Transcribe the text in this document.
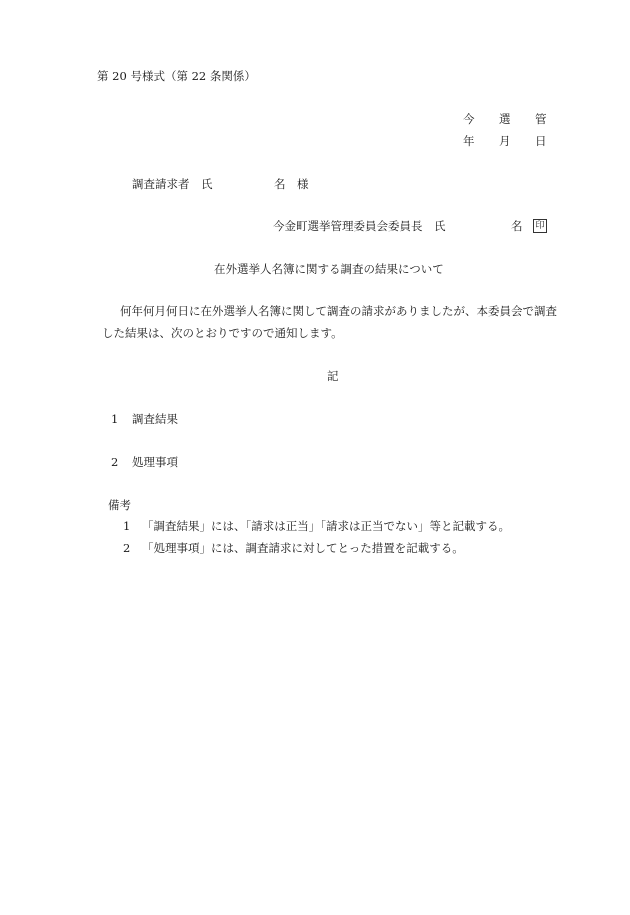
第 20 号様式（第 22 条関係）
今 選 管
年 月 日
調査請求者　氏	名 様
今金町選挙管理委員会委員長　氏	名 印
在外選挙人名簿に関する調査の結果について
何年何月何日に在外選挙人名簿に関して調査の請求がありましたが、本委員会で調査
した結果は、次のとおりですので通知します。
記
1 調査結果
2 処理事項
備考
1 「調査結果」には、「請求は正当」「請求は正当でない」等と記載する。
2 「処理事項」には、調査請求に対してとった措置を記載する。
